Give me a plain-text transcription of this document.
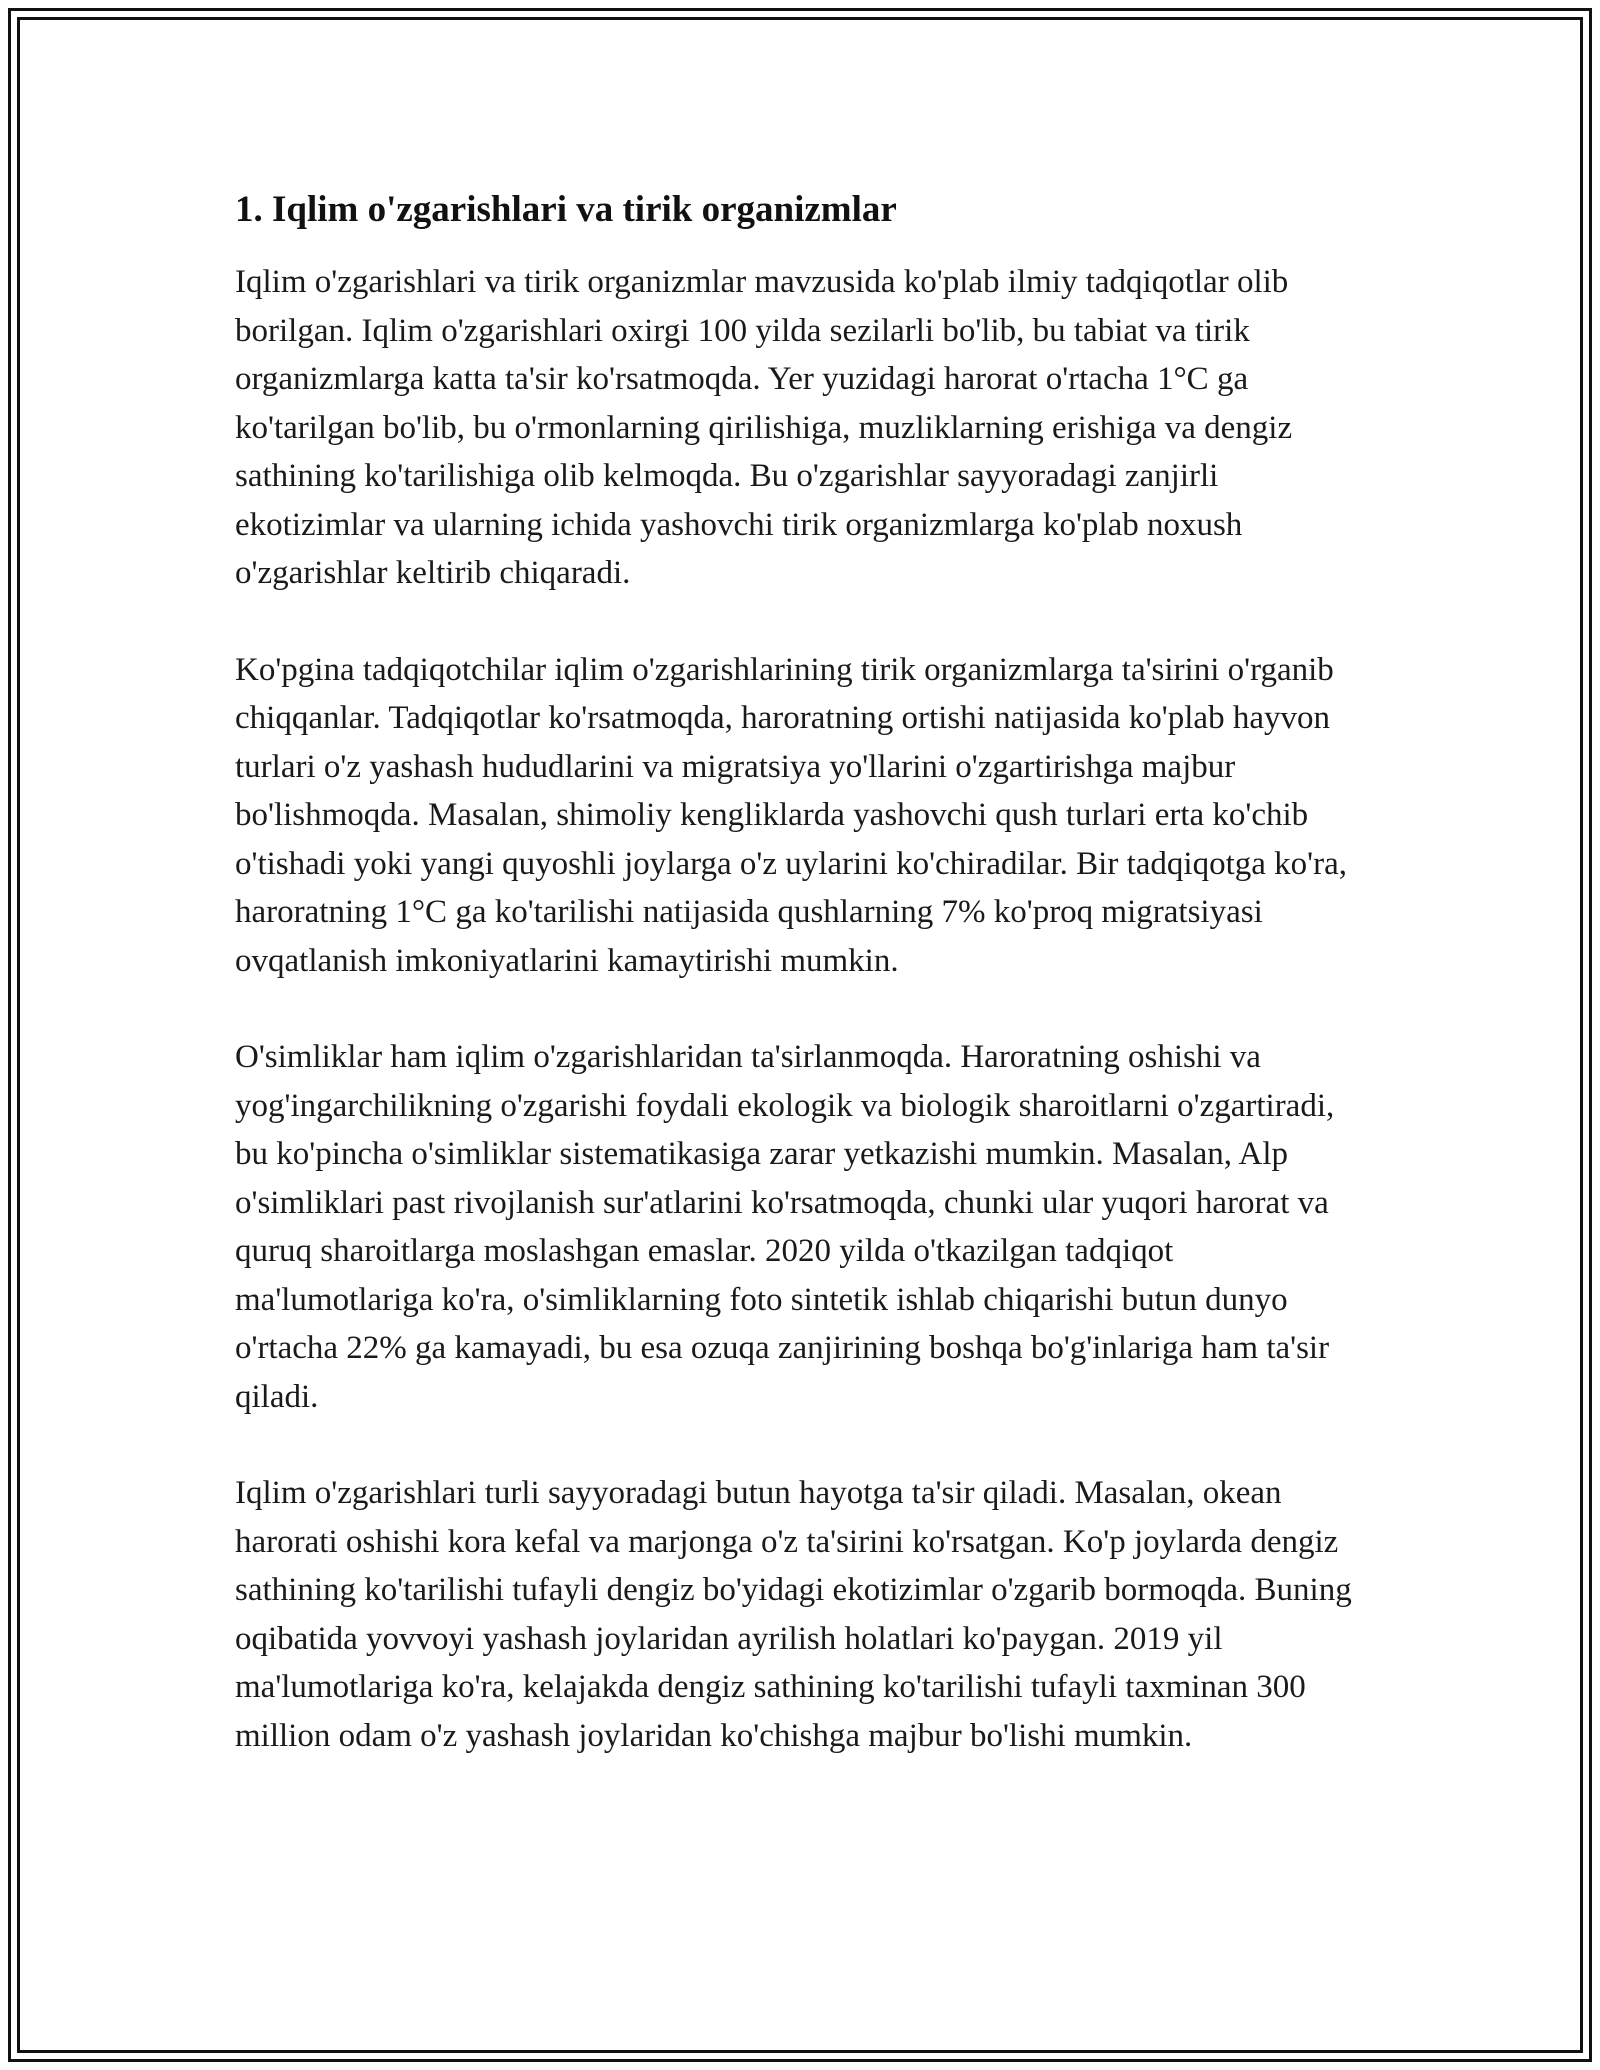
1. Iqlim o'zgarishlari va tirik organizmlar

Iqlim o'zgarishlari va tirik organizmlar mavzusida ko'plab ilmiy tadqiqotlar olib borilgan. Iqlim o'zgarishlari oxirgi 100 yilda sezilarli bo'lib, bu tabiat va tirik organizmlarga katta ta'sir ko'rsatmoqda. Yer yuzidagi harorat o'rtacha 1°C ga ko'tarilgan bo'lib, bu o'rmonlarning qirilishiga, muzliklarning erishiga va dengiz sathining ko'tarilishiga olib kelmoqda. Bu o'zgarishlar sayyoradagi zanjirli ekotizimlar va ularning ichida yashovchi tirik organizmlarga ko'plab noxush o'zgarishlar keltirib chiqaradi.

Ko'pgina tadqiqotchilar iqlim o'zgarishlarining tirik organizmlarga ta'sirini o'rganib chiqqanlar. Tadqiqotlar ko'rsatmoqda, haroratning ortishi natijasida ko'plab hayvon turlari o'z yashash hududlarini va migratsiya yo'llarini o'zgartirishga majbur bo'lishmoqda. Masalan, shimoliy kengliklarda yashovchi qush turlari erta ko'chib o'tishadi yoki yangi quyoshli joylarga o'z uylarini ko'chiradilar. Bir tadqiqotga ko'ra, haroratning 1°C ga ko'tarilishi natijasida qushlarning 7% ko'proq migratsiyasi ovqatlanish imkoniyatlarini kamaytirishi mumkin.

O'simliklar ham iqlim o'zgarishlaridan ta'sirlanmoqda. Haroratning oshishi va yog'ingarchilikning o'zgarishi foydali ekologik va biologik sharoitlarni o'zgartiradi, bu ko'pincha o'simliklar sistematikasiga zarar yetkazishi mumkin. Masalan, Alp o'simliklari past rivojlanish sur'atlarini ko'rsatmoqda, chunki ular yuqori harorat va quruq sharoitlarga moslashgan emaslar. 2020 yilda o'tkazilgan tadqiqot ma'lumotlariga ko'ra, o'simliklarning foto sintetik ishlab chiqarishi butun dunyo o'rtacha 22% ga kamayadi, bu esa ozuqa zanjirining boshqa bo'g'inlariga ham ta'sir qiladi.

Iqlim o'zgarishlari turli sayyoradagi butun hayotga ta'sir qiladi. Masalan, okean harorati oshishi kora kefal va marjonga o'z ta'sirini ko'rsatgan. Ko'p joylarda dengiz sathining ko'tarilishi tufayli dengiz bo'yidagi ekotizimlar o'zgarib bormoqda. Buning oqibatida yovvoyi yashash joylaridan ayrilish holatlari ko'paygan. 2019 yil ma'lumotlariga ko'ra, kelajakda dengiz sathining ko'tarilishi tufayli taxminan 300 million odam o'z yashash joylaridan ko'chishga majbur bo'lishi mumkin.
